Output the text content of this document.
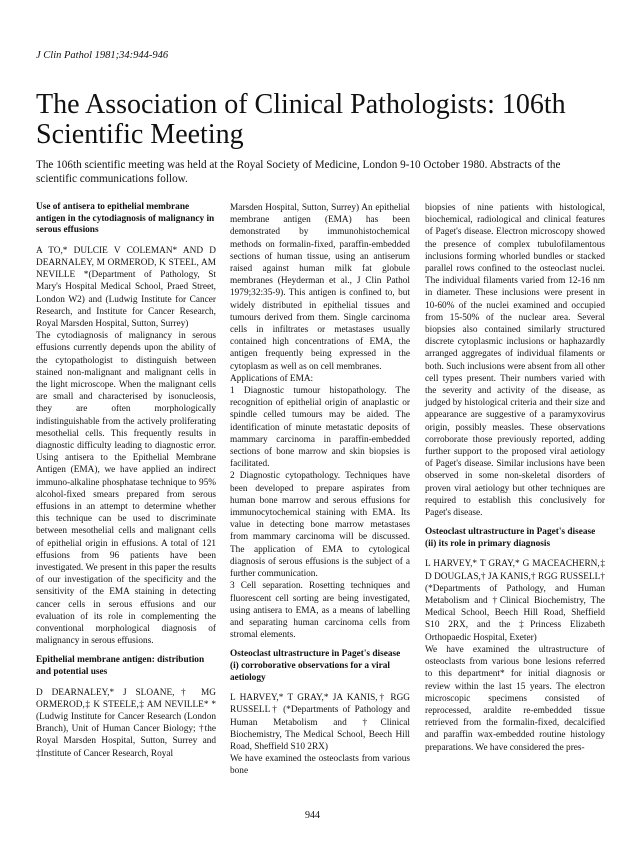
J Clin Pathol 1981;34:944-946
The Association of Clinical Pathologists: 106th Scientific Meeting

The 106th scientific meeting was held at the Royal Society of Medicine, London 9-10 October 1980. Abstracts of the scientific communications follow.

Use of antisera to epithelial membrane antigen in the cytodiagnosis of malignancy in serous effusions

A TO,* DULCIE V COLEMAN* AND D DEARNALEY, M ORMEROD, K STEEL, AM NEVILLE *(Department of Pathology, St Mary's Hospital Medical School, Praed Street, London W2) and (Ludwig Institute for Cancer Research, and Institute for Cancer Research, Royal Marsden Hospital, Sutton, Surrey)

The cytodiagnosis of malignancy in serous effusions currently depends upon the ability of the cytopathologist to distinguish between stained non-malignant and malignant cells in the light microscope. When the malignant cells are small and characterised by isonucleosis, they are often morphologically indistinguishable from the actively proliferating mesothelial cells. This frequently results in diagnostic difficulty leading to diagnostic error. Using antisera to the Epithelial Membrane Antigen (EMA), we have applied an indirect immuno-alkaline phosphatase technique to 95% alcohol-fixed smears prepared from serous effusions in an attempt to determine whether this technique can be used to discriminate between mesothelial cells and malignant cells of epithelial origin in effusions. A total of 121 effusions from 96 patients have been investigated. We present in this paper the results of our investigation of the specificity and the sensitivity of the EMA staining in detecting cancer cells in serous effusions and our evaluation of its role in complementing the conventional morphological diagnosis of malignancy in serous effusions.

Epithelial membrane antigen: distribution and potential uses

D DEARNALEY,* J SLOANE,† MG ORMEROD,‡ K STEELE,‡ AM NEVILLE* *(Ludwig Institute for Cancer Research (London Branch), Unit of Human Cancer Biology; †the Royal Marsden Hospital, Sutton, Surrey and ‡Institute of Cancer Research, Royal

Marsden Hospital, Sutton, Surrey) An epithelial membrane antigen (EMA) has been demonstrated by immunohistochemical methods on formalin-fixed, paraffin-embedded sections of human tissue, using an antiserum raised against human milk fat globule membranes (Heyderman et al., J Clin Pathol 1979;32:35-9). This antigen is confined to, but widely distributed in epithelial tissues and tumours derived from them. Single carcinoma cells in infiltrates or metastases usually contained high concentrations of EMA, the antigen frequently being expressed in the cytoplasm as well as on cell membranes.

Applications of EMA:

1 Diagnostic tumour histopathology. The recognition of epithelial origin of anaplastic or spindle celled tumours may be aided. The identification of minute metastatic deposits of mammary carcinoma in paraffin-embedded sections of bone marrow and skin biopsies is facilitated.

2 Diagnostic cytopathology. Techniques have been developed to prepare aspirates from human bone marrow and serous effusions for immunocytochemical staining with EMA. Its value in detecting bone marrow metastases from mammary carcinoma will be discussed. The application of EMA to cytological diagnosis of serous effusions is the subject of a further communication.

3 Cell separation. Rosetting techniques and fluorescent cell sorting are being investigated, using antisera to EMA, as a means of labelling and separating human carcinoma cells from stromal elements.

Osteoclast ultrastructure in Paget's disease (i) corroborative observations for a viral aetiology

L HARVEY,* T GRAY,* JA KANIS,† RGG RUSSELL† (*Departments of Pathology and Human Metabolism and †Clinical Biochemistry, The Medical School, Beech Hill Road, Sheffield S10 2RX)

We have examined the osteoclasts from various bone

biopsies of nine patients with histological, biochemical, radiological and clinical features of Paget's disease. Electron microscopy showed the presence of complex tubulofilamentous inclusions forming whorled bundles or stacked parallel rows confined to the osteoclast nuclei. The individual filaments varied from 12-16 nm in diameter. These inclusions were present in 10-60% of the nuclei examined and occupied from 15-50% of the nuclear area. Several biopsies also contained similarly structured discrete cytoplasmic inclusions or haphazardly arranged aggregates of individual filaments or both. Such inclusions were absent from all other cell types present. Their numbers varied with the severity and activity of the disease, as judged by histological criteria and their size and appearance are suggestive of a paramyxovirus origin, possibly measles. These observations corroborate those previously reported, adding further support to the proposed viral aetiology of Paget's disease. Similar inclusions have been observed in some non-skeletal disorders of proven viral aetiology but other techniques are required to establish this conclusively for Paget's disease.

Osteoclast ultrastructure in Paget's disease (ii) its role in primary diagnosis

L HARVEY,* T GRAY,* G MACEACHERN,‡ D DOUGLAS,† JA KANIS,† RGG RUSSELL† (*Departments of Pathology, and Human Metabolism and †Clinical Biochemistry, The Medical School, Beech Hill Road, Sheffield S10 2RX, and the ‡Princess Elizabeth Orthopaedic Hospital, Exeter)

We have examined the ultrastructure of osteoclasts from various bone lesions referred to this department* for initial diagnosis or review within the last 15 years. The electron microscopic specimens consisted of reprocessed, araldite re-embedded tissue retrieved from the formalin-fixed, decalcified and paraffin wax-embedded routine histology preparations. We have considered the pres-

944
